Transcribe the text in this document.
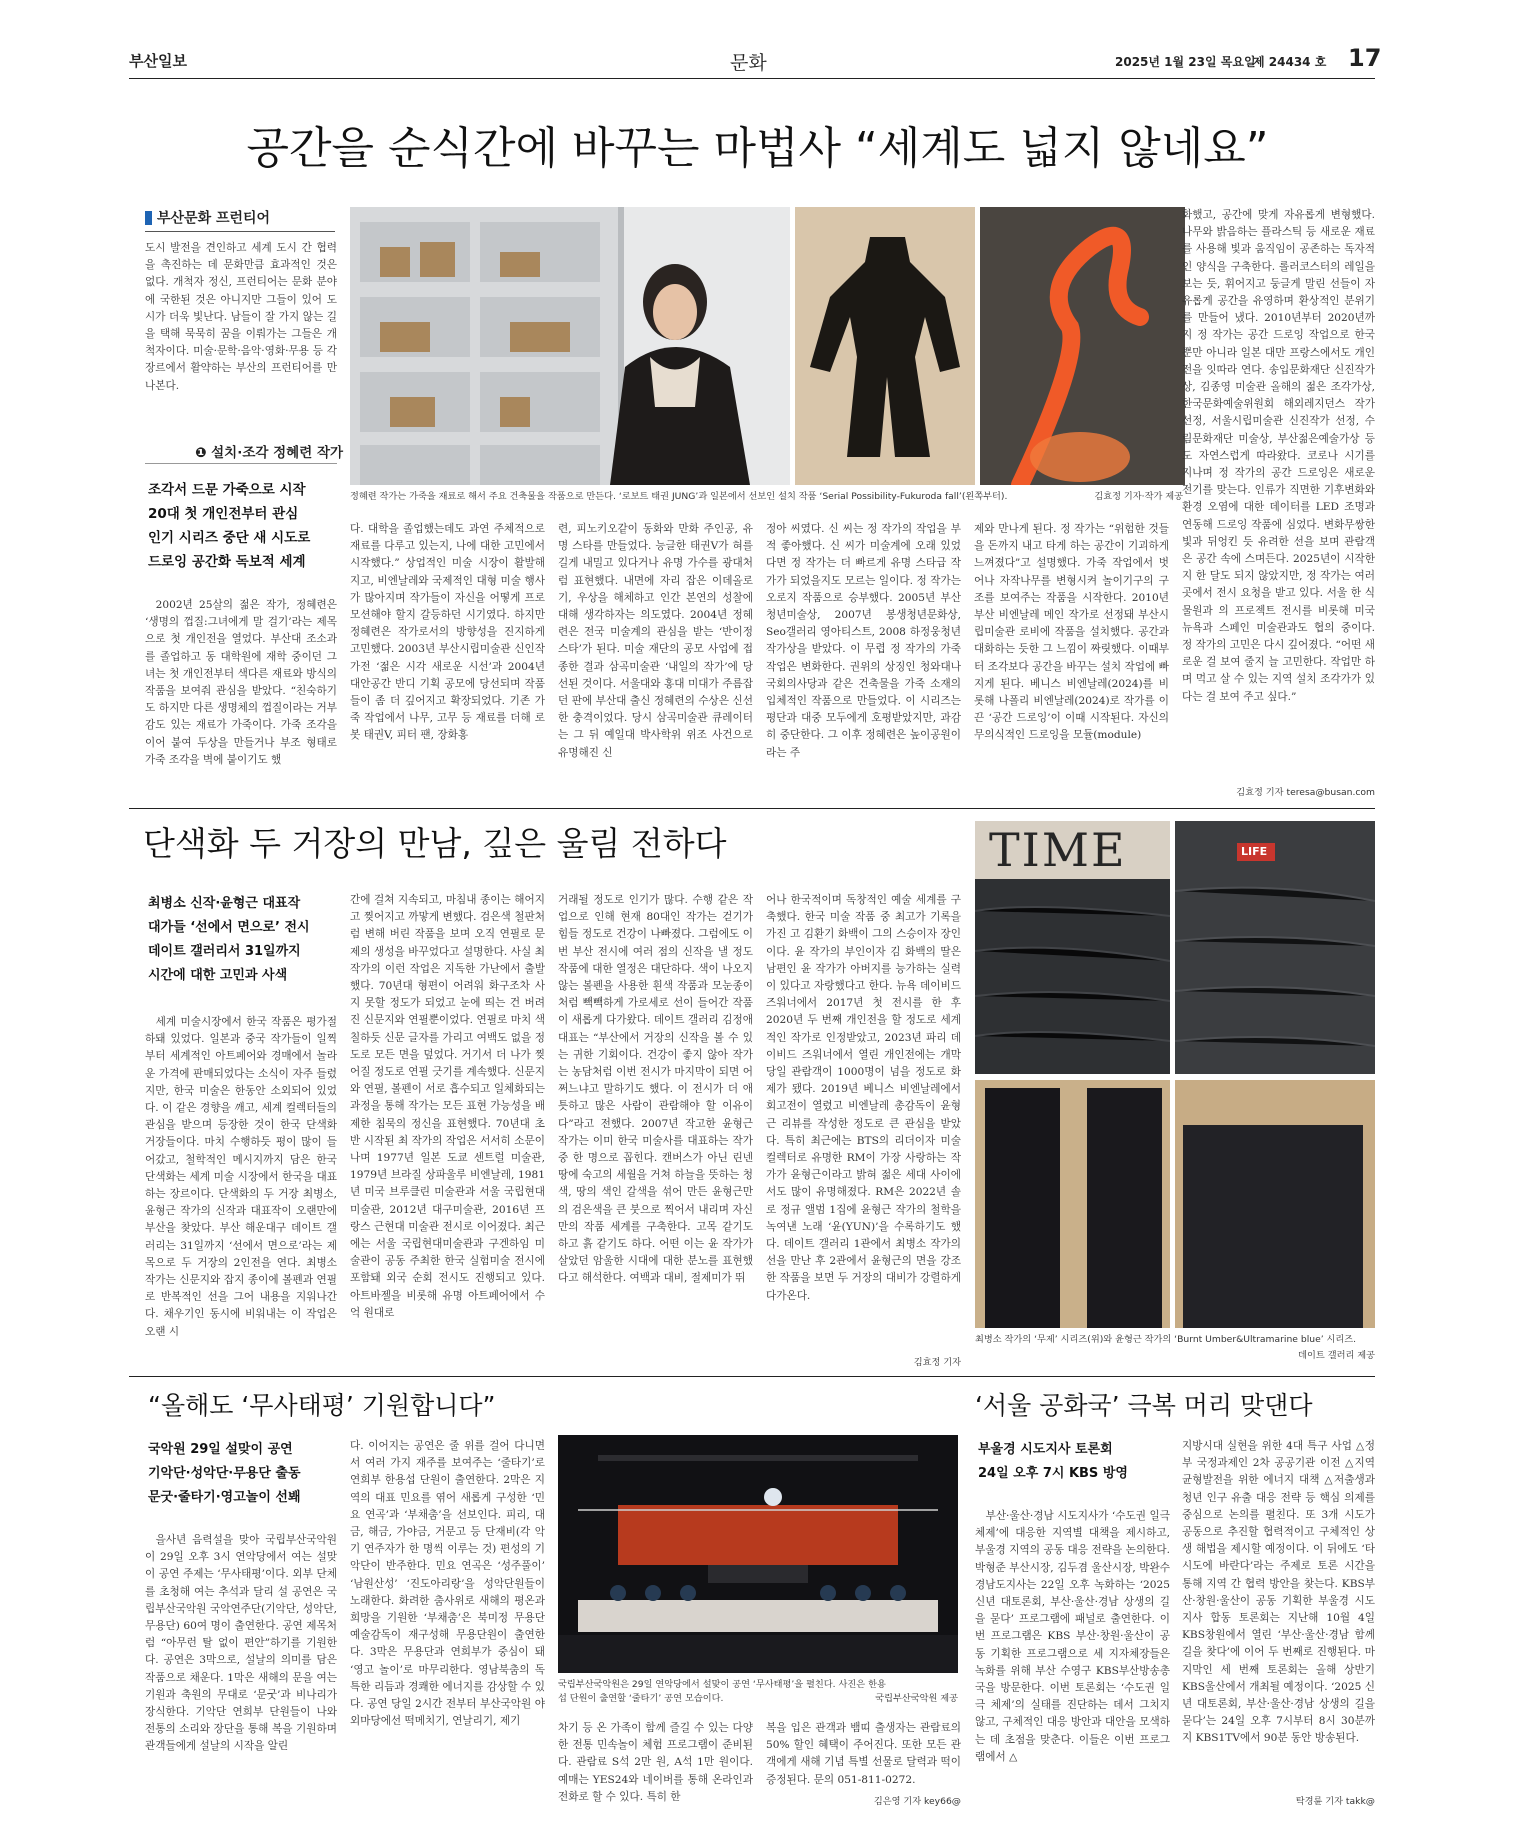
부산일보	문화	2025년 1월 23일 목요일
제 24434 호 17
공간을 순식간에 바꾸는 마법사 “세계도 넓지 않네요”
부산문화 프런티어

도시 발전을 견인하고 세계 도시 간 협력을 촉진하는 데 문화만큼 효과적인 것은 없다. 개척자 정신, 프런티어는 문화 분야에 국한된 것은 아니지만 그들이 있어 도시가 더욱 빛난다. 남들이 잘 가지 않는 길을 택해 묵묵히 꿈을 이뤄가는 그들은 개척자이다. 미술·문학·음악·영화·무용 등 각 장르에서 활약하는 부산의 프런티어를 만나본다.

❶ 설치·조각 정혜련 작가
조각서 드문 가죽으로 시작
20대 첫 개인전부터 관심
인기 시리즈 중단 새 시도로
드로잉 공간화 독보적 세계
정혜련 작가는 가죽을 재료로 해서 주요 건축물을 작품으로 만든다. ‘로보트 태권 JUNG’과 일본에서 선보인 설치 작품 ‘Serial Possibility-Fukuroda fall’(왼쪽부터).	김효정 기자·작가 제공

2002년 25살의 젊은 작가, 정혜련은 ‘생명의 껍질:그녀에게 말 걸기’라는 제목으로 첫 개인전을 열었다. 부산대 조소과를 졸업하고 동 대학원에 재학 중이던 그녀는 첫 개인전부터 색다른 재료와 방식의 작품을 보여줘 관심을 받았다. “친숙하기도 하지만 다른 생명체의 껍질이라는 거부감도 있는 재료가 가죽이다. 가죽 조각을 이어 붙여 두상을 만들거나 부조 형태로 가죽 조각을 벽에 붙이기도 했

다. 대학을 졸업했는데도 과연 주체적으로 재료를 다루고 있는지, 나에 대한 고민에서 시작했다.” 상업적인 미술 시장이 활발해지고, 비엔날레와 국제적인 대형 미술 행사가 많아지며 작가들이 자신을 어떻게 프로모션해야 할지 갈등하던 시기였다. 하지만 정혜련은 작가로서의 방향성을 진지하게 고민했다. 2003년 부산시립미술관 신인작가전 ‘젊은 시각 새로운 시선’과 2004년 대안공간 반디 기획 공모에 당선되며 작품들이 좀 더 깊어지고 확장되었다. 기존 가죽 작업에서 나무, 고무 등 재료를 더해 로봇 태권V, 피터 팬, 장화홍

련, 피노키오같이 동화와 만화 주인공, 유명 스타를 만들었다. 능글한 태권V가 혀를 길게 내밀고 있다거나 유명 가수를 광대처럼 표현했다. 내면에 자리 잡은 이데올로기, 우상을 해체하고 인간 본연의 성찰에 대해 생각하자는 의도였다. 2004년 정혜련은 전국 미술계의 관심을 받는 ‘반이정 스타’가 된다. 미술 재단의 공모 사업에 접종한 결과 삼곡미술관 ‘내일의 작가’에 당선된 것이다. 서울대와 홍대 미대가 주름잡던 판에 부산대 출신 정혜련의 수상은 신선한 충격이었다. 당시 삼곡미술관 큐레이터는 그 뒤 예일대 박사학위 위조 사건으로 유명해진 신

정아 씨였다. 신 씨는 정 작가의 작업을 부적 좋아했다. 신 씨가 미술계에 오래 있었다면 정 작가는 더 빠르게 유명 스타급 작가가 되었을지도 모르는 일이다. 정 작가는 오로지 작품으로 승부했다. 2005년 부산청년미술상, 2007년 봉생청년문화상, Seo갤러리 영아티스트, 2008 하정웅청년작가상을 받았다. 이 무렵 정 작가의 가죽 작업은 변화한다. 권위의 상징인 청와대나 국회의사당과 같은 건축물을 가죽 소재의 입체적인 작품으로 만들었다. 이 시리즈는 평단과 대중 모두에게 호평받았지만, 과감히 중단한다. 그 이후 정혜련은 높이공원이라는 주

제와 만나게 된다. 정 작가는 “위험한 것들을 돈까지 내고 타게 하는 공간이 기괴하게 느껴졌다”고 설명했다. 가죽 작업에서 벗어나 자작나무를 변형시켜 놀이기구의 구조를 보여주는 작품을 시작한다. 2010년 부산 비엔날레 메인 작가로 선정돼 부산시립미술관 로비에 작품을 설치했다. 공간과 대화하는 듯한 그 느낌이 짜릿했다. 이때부터 조각보다 공간을 바꾸는 설치 작업에 빠지게 된다. 베니스 비엔날레(2024)를 비롯해 나폴리 비엔날레(2024)로 작가를 이끈 ‘공간 드로잉’이 이때 시작된다. 자신의 무의식적인 드로잉을 모듈(module)

화했고, 공간에 맞게 자유롭게 변형했다. 나무와 밝음하는 플라스틱 등 새로운 재료를 사용해 빛과 움직임이 공존하는 독자적인 양식을 구축한다. 롤러코스터의 레일을 보는 듯, 휘어지고 둥글게 말린 선들이 자유롭게 공간을 유영하며 환상적인 분위기를 만들어 냈다. 2010년부터 2020년까지 정 작가는 공간 드로잉 작업으로 한국뿐만 아니라 일본 대만 프랑스에서도 개인전을 잇따라 연다. 송입문화재단 신진작가상, 김종영 미술관 올해의 젊은 조각가상, 한국문화예술위원회 해외레지던스 작가 선정, 서울시립미술관 신진작가 선정, 수림문화재단 미술상, 부산젊은예술가상 등도 자연스럽게 따라왔다. 코로나 시기를 지나며 정 작가의 공간 드로잉은 새로운 전기를 맞는다. 인류가 직면한 기후변화와 환경 오염에 대한 데이터를 LED 조명과 연동해 드로잉 작품에 심었다. 변화무쌍한 빛과 뒤엉킨 듯 유려한 선을 보며 관람객은 공간 속에 스며든다. 2025년이 시작한 지 한 달도 되지 않았지만, 정 작가는 여러 곳에서 전시 요청을 받고 있다. 서울 한 식물원과 의 프로젝트 전시를 비롯해 미국 뉴욕과 스페인 미술관과도 협의 중이다. 정 작가의 고민은 다시 깊어졌다. “어떤 새로운 걸 보여 줄지 늘 고민한다. 작업만 하며 먹고 살 수 있는 지역 설치 조각가가 있다는 걸 보여 주고 싶다.”

김효정 기자 teresa@busan.com
단색화 두 거장의 만남, 깊은 울림 전하다
최병소 신작·윤형근 대표작
대가들 ‘선에서 면으로’ 전시
데이트 갤러리서 31일까지
시간에 대한 고민과 사색

세계 미술시장에서 한국 작품은 평가절하돼 있었다. 일본과 중국 작가들이 일찍부터 세계적인 아트페어와 경매에서 놀라운 가격에 판매되었다는 소식이 자주 들렸지만, 한국 미술은 한동안 소외되어 있었다. 이 같은 경향을 깨고, 세계 컬렉터들의 관심을 받으며 등장한 것이 한국 단색화 거장들이다. 마치 수행하듯 평이 많이 들어갔고, 철학적인 메시지까지 담은 한국 단색화는 세계 미술 시장에서 한국을 대표하는 장르이다. 단색화의 두 거장 최병소, 윤형근 작가의 신작과 대표작이 오랜만에 부산을 찾았다. 부산 해운대구 데이트 갤러리는 31일까지 ‘선에서 면으로’라는 제목으로 두 거장의 2인전을 연다. 최병소 작가는 신문지와 잡지 종이에 볼펜과 연필로 반복적인 선을 그어 내용을 지워나간다. 채우기인 동시에 비워내는 이 작업은 오랜 시

간에 걸쳐 지속되고, 마침내 종이는 해어지고 찢어지고 까맣게 변했다. 검은색 철판처럼 변해 버린 작품을 보며 오직 연필로 문제의 생성을 바꾸었다고 설명한다. 사실 최 작가의 이런 작업은 지독한 가난에서 출발했다. 70년대 형편이 어려워 화구조차 사지 못할 정도가 되었고 눈에 띄는 건 버려진 신문지와 연필뿐이었다. 연필로 마치 색칠하듯 신문 글자를 가리고 여백도 없을 정도로 모든 면을 덮었다. 거기서 더 나가 찢어질 정도로 연필 긋기를 계속했다. 신문지와 연필, 볼펜이 서로 흡수되고 일체화되는 과정을 통해 작가는 모든 표현 가능성을 배제한 침묵의 정신을 표현했다. 70년대 초반 시작된 최 작가의 작업은 서서히 소문이 나며 1977년 일본 도쿄 센트럴 미술관, 1979년 브라질 상파울루 비엔날레, 1981년 미국 브루클린 미술관과 서울 국립현대미술관, 2012년 대구미술관, 2016년 프랑스 근현대 미술관 전시로 이어졌다. 최근에는 서울 국립현대미술관과 구겐하임 미술관이 공동 주최한 한국 실험미술 전시에 포함돼 외국 순회 전시도 진행되고 있다. 아트바젤을 비롯해 유명 아트페어에서 수억 원대로

거래될 정도로 인기가 많다. 수행 같은 작업으로 인해 현재 80대인 작가는 걷기가 힘들 정도로 건강이 나빠졌다. 그럼에도 이번 부산 전시에 여러 점의 신작을 낼 정도 작품에 대한 열정은 대단하다. 색이 나오지 않는 볼펜을 사용한 흰색 작품과 모눈종이처럼 빽빽하게 가로세로 선이 들어간 작품이 새롭게 다가왔다. 데이트 갤러리 김정애 대표는 “부산에서 거장의 신작을 볼 수 있는 귀한 기회이다. 건강이 좋지 않아 작가는 농담처럼 이번 전시가 마지막이 되면 어쩌느냐고 말하기도 했다. 이 전시가 더 애틋하고 많은 사람이 관람해야 할 이유이다”라고 전했다. 2007년 작고한 윤형근 작가는 이미 한국 미술사를 대표하는 작가 중 한 명으로 꼽힌다. 캔버스가 아닌 린넨 땅에 숙고의 세월을 거쳐 하늘을 뜻하는 청색, 땅의 색인 갈색을 섞어 만든 윤형근만의 검은색을 큰 붓으로 찍어서 내리며 자신만의 작품 세계를 구축한다. 고목 같기도 하고 흙 같기도 하다. 어떤 이는 윤 작가가 살았던 암울한 시대에 대한 분노를 표현했다고 해석한다. 여백과 대비, 절제미가 뛰

어나 한국적이며 독창적인 예술 세계를 구축했다. 한국 미술 작품 중 최고가 기록을 가진 고 김환기 화백이 그의 스승이자 장인이다. 윤 작가의 부인이자 김 화백의 딸은 남편인 윤 작가가 아버지를 능가하는 실력이 있다고 자랑했다고 한다. 뉴욕 데이비드 즈워너에서 2017년 첫 전시를 한 후 2020년 두 번째 개인전을 할 정도로 세계적인 작가로 인정받았고, 2023년 파리 데이비드 즈워너에서 열린 개인전에는 개막 당일 관람객이 1000명이 넘을 정도로 화제가 됐다. 2019년 베니스 비엔날레에서 회고전이 열렸고 비엔날레 총감독이 윤형근 리뷰를 작성한 정도로 큰 관심을 받았다. 특히 최근에는 BTS의 리더이자 미술 컬렉터로 유명한 RM이 가장 사랑하는 작가가 윤형근이라고 밝혀 젊은 세대 사이에서도 많이 유명해졌다. RM은 2022년 솔로 정규 앨범 1집에 윤형근 작가의 철학을 녹여낸 노래 ‘윤(YUN)’을 수록하기도 했다. 데이트 갤러리 1관에서 최병소 작가의 선을 만난 후 2관에서 윤형근의 면을 강조한 작품을 보면 두 거장의 대비가 강렬하게 다가온다.

김효정 기자
TIME	LIFE
최병소 작가의 ‘무제’ 시리즈(위)와 윤형근 작가의 ‘Burnt Umber&Ultramarine blue’ 시리즈.
데이트 갤러리 제공
“올해도 ‘무사태평’ 기원합니다”
국악원 29일 설맞이 공연
기악단·성악단·무용단 출동
문굿·줄타기·영고놀이 선봬

을사년 음력설을 맞아 국립부산국악원이 29일 오후 3시 연악당에서 여는 설맞이 공연 주제는 ‘무사태평’이다. 외부 단체를 초청해 여는 추석과 달리 설 공연은 국립부산국악원 국악연주단(기악단, 성악단, 무용단) 60여 명이 출연한다. 공연 제목처럼 “아무런 탈 없이 편안”하기를 기원한다. 공연은 3막으로, 설날의 의미를 담은 작품으로 채운다. 1막은 새해의 문을 여는 기원과 축원의 무대로 ‘문굿’과 비나리가 장식한다. 기악단 연희부 단원들이 나와 전통의 소리와 장단을 통해 복을 기원하며 관객들에게 설날의 시작을 알린

다. 이어지는 공연은 줄 위를 걸어 다니면서 여러 가지 재주를 보여주는 ‘줄타기’로 연희부 한용섭 단원이 출연한다. 2막은 지역의 대표 민요를 엮어 새롭게 구성한 ‘민요 연곡’과 ‘부채춤’을 선보인다. 피리, 대금, 해금, 가야금, 거문고 등 단재비(각 악기 연주자가 한 명씩 이루는 것) 편성의 기악단이 반주한다. 민요 연곡은 ‘성주풀이’ ‘남원산성’ ‘진도아리랑’을 성악단원들이 노래한다. 화려한 춤사위로 새해의 평온과 희망을 기원한 ‘부채춤’은 북미정 무용단 예술감독이 재구성해 무용단원이 출연한다. 3막은 무용단과 연희부가 중심이 돼 ‘영고 놀이’로 마무리한다. 영남북춤의 독특한 리듬과 경쾌한 에너지를 감상할 수 있다. 공연 당일 2시간 전부터 부산국악원 야외마당에선 떡메치기, 연날리기, 제기

국립부산국악원은 29일 연악당에서 설맞이 공연 ‘무사태평’을 펼친다. 사진은 한용섭 단원이 출연할 ‘줄타기’ 공연 모습이다.	국립부산국악원 제공

차기 등 온 가족이 함께 즐길 수 있는 다양한 전통 민속놀이 체험 프로그램이 준비된다. 관람료 S석 2만 원, A석 1만 원이다. 예매는 YES24와 네이버를 통해 온라인과 전화로 할 수 있다. 특히 한

복을 입은 관객과 뱀띠 출생자는 관람료의 50% 할인 혜택이 주어진다. 또한 모든 관객에게 새해 기념 특별 선물로 달력과 떡이 증정된다. 문의 051-811-0272.

김은영 기자 key66@
‘서울 공화국’ 극복 머리 맞댄다
부울경 시도지사 토론회
24일 오후 7시 KBS 방영

부산·울산·경남 시도지사가 ‘수도권 일극 체제’에 대응한 지역별 대책을 제시하고, 부울경 지역의 공동 대응 전략을 논의한다. 박형준 부산시장, 김두겸 울산시장, 박완수 경남도지사는 22일 오후 녹화하는 ‘2025 신년 대토론회, 부산·울산·경남 상생의 길을 묻다’ 프로그램에 패널로 출연한다. 이번 프로그램은 KBS 부산·창원·울산이 공동 기획한 프로그램으로 세 지자체장들은 녹화를 위해 부산 수영구 KBS부산방송총국을 방문한다. 이번 토론회는 ‘수도권 일극 체제’의 실태를 진단하는 데서 그치지 않고, 구체적인 대응 방안과 대안을 모색하는 데 초점을 맞춘다. 이들은 이번 프로그램에서 △

지방시대 실현을 위한 4대 특구 사업 △정부 국정과제인 2차 공공기관 이전 △지역균형발전을 위한 에너지 대책 △저출생과 청년 인구 유출 대응 전략 등 핵심 의제를 중심으로 논의를 펼친다. 또 3개 시도가 공동으로 추진할 협력적이고 구체적인 상생 해법을 제시할 예정이다. 이 뒤에도 ‘타 시도에 바란다’라는 주제로 토론 시간을 통해 지역 간 협력 방안을 찾는다. KBS부산·창원·울산이 공동 기획한 부울경 시도지사 합동 토론회는 지난해 10월 4일 KBS창원에서 열린 ‘부산·울산·경남 함께 길을 찾다’에 이어 두 번째로 진행된다. 마지막인 세 번째 토론회는 올해 상반기 KBS울산에서 개최될 예정이다. ‘2025 신년 대토론회, 부산·울산·경남 상생의 길을 묻다’는 24일 오후 7시부터 8시 30분까지 KBS1TV에서 90분 동안 방송된다.

탁경륜 기자 takk@
